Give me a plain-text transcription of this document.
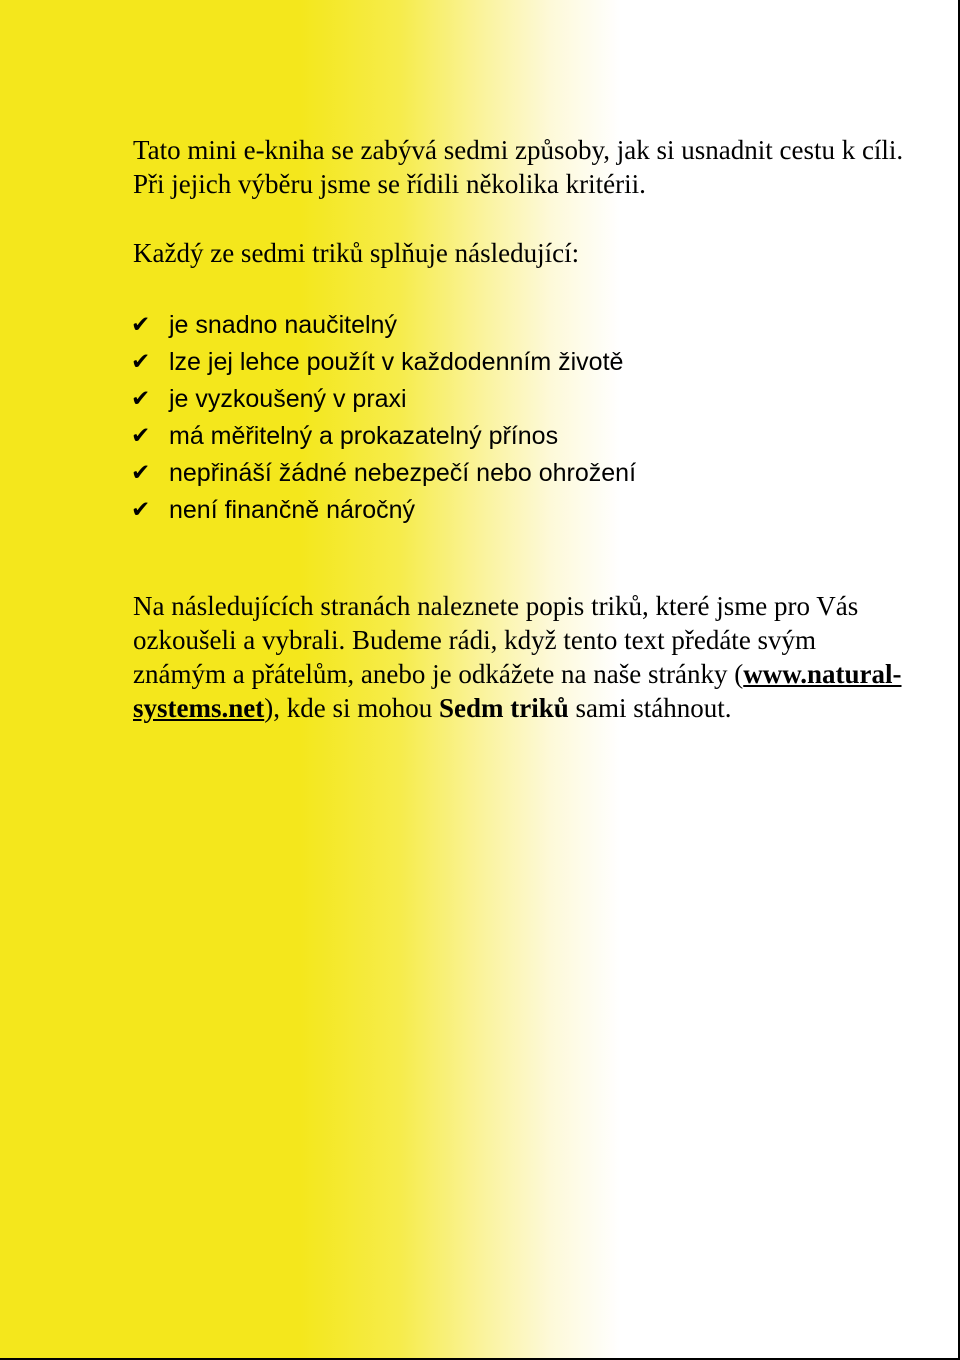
Tato mini e-kniha se zabývá sedmi způsoby, jak si usnadnit cestu k cíli. Při jejich výběru jsme se řídili několika kritérii.

Každý ze sedmi triků splňuje následující:

✔ je snadno naučitelný
✔ lze jej lehce použít v každodenním životě
✔ je vyzkoušený v praxi
✔ má měřitelný a prokazatelný přínos
✔ nepřináší žádné nebezpečí nebo ohrožení
✔ není finančně náročný

Na následujících stranách naleznete popis triků, které jsme pro Vás ozkoušeli a vybrali. Budeme rádi, když tento text předáte svým známým a přátelům, anebo je odkážete na naše stránky (www.natural-systems.net), kde si mohou Sedm triků sami stáhnout.
